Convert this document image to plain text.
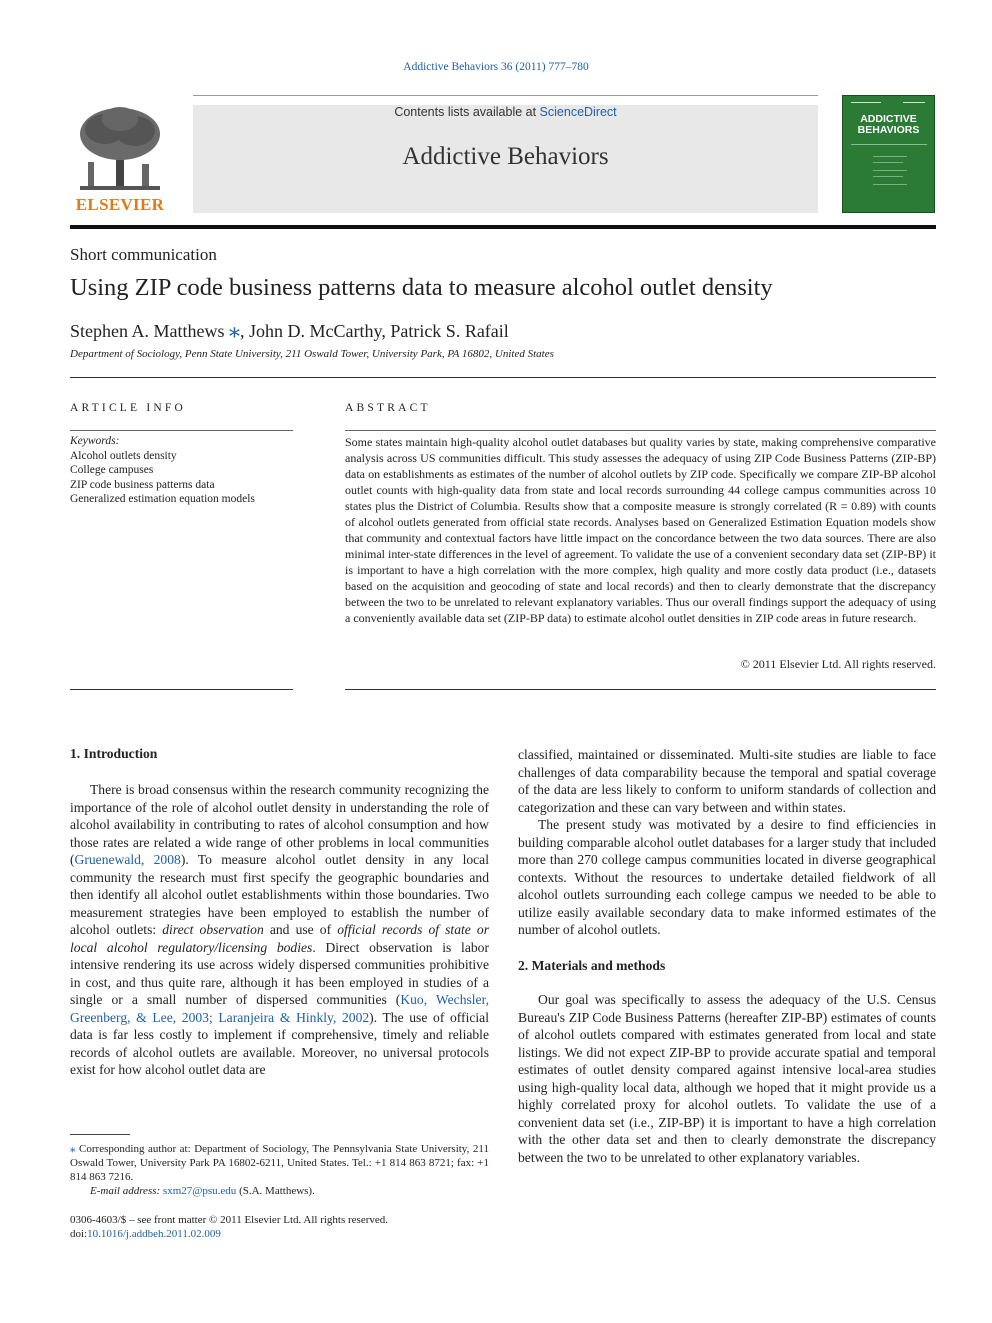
Addictive Behaviors 36 (2011) 777–780
ELSEVIER
Contents lists available at ScienceDirect
Addictive Behaviors
ADDICTIVE
BEHAVIORS
Short communication
Using ZIP code business patterns data to measure alcohol outlet density
Stephen A. Matthews ⁎, John D. McCarthy, Patrick S. Rafail
Department of Sociology, Penn State University, 211 Oswald Tower, University Park, PA 16802, United States
ARTICLE INFO
Keywords:
Alcohol outlets density
College campuses
ZIP code business patterns data
Generalized estimation equation models
ABSTRACT
Some states maintain high-quality alcohol outlet databases but quality varies by state, making comprehensive comparative analysis across US communities difficult. This study assesses the adequacy of using ZIP Code Business Patterns (ZIP-BP) data on establishments as estimates of the number of alcohol outlets by ZIP code. Specifically we compare ZIP-BP alcohol outlet counts with high-quality data from state and local records surrounding 44 college campus communities across 10 states plus the District of Columbia. Results show that a composite measure is strongly correlated (R = 0.89) with counts of alcohol outlets generated from official state records. Analyses based on Generalized Estimation Equation models show that community and contextual factors have little impact on the concordance between the two data sources. There are also minimal inter-state differences in the level of agreement. To validate the use of a convenient secondary data set (ZIP-BP) it is important to have a high correlation with the more complex, high quality and more costly data product (i.e., datasets based on the acquisition and geocoding of state and local records) and then to clearly demonstrate that the discrepancy between the two to be unrelated to relevant explanatory variables. Thus our overall findings support the adequacy of using a conveniently available data set (ZIP-BP data) to estimate alcohol outlet densities in ZIP code areas in future research.
© 2011 Elsevier Ltd. All rights reserved.
1. Introduction

There is broad consensus within the research community recognizing the importance of the role of alcohol outlet density in understanding the role of alcohol availability in contributing to rates of alcohol consumption and how those rates are related a wide range of other problems in local communities (Gruenewald, 2008). To measure alcohol outlet density in any local community the research must first specify the geographic boundaries and then identify all alcohol outlet establishments within those boundaries. Two measurement strategies have been employed to establish the number of alcohol outlets: direct observation and use of official records of state or local alcohol regulatory/licensing bodies. Direct observation is labor intensive rendering its use across widely dispersed communities prohibitive in cost, and thus quite rare, although it has been employed in studies of a single or a small number of dispersed communities (Kuo, Wechsler, Greenberg, & Lee, 2003; Laranjeira & Hinkly, 2002). The use of official data is far less costly to implement if comprehensive, timely and reliable records of alcohol outlets are available. Moreover, no universal protocols exist for how alcohol outlet data are

classified, maintained or disseminated. Multi-site studies are liable to face challenges of data comparability because the temporal and spatial coverage of the data are less likely to conform to uniform standards of collection and categorization and these can vary between and within states.

The present study was motivated by a desire to find efficiencies in building comparable alcohol outlet databases for a larger study that included more than 270 college campus communities located in diverse geographical contexts. Without the resources to undertake detailed fieldwork of all alcohol outlets surrounding each college campus we needed to be able to utilize easily available secondary data to make informed estimates of the number of alcohol outlets.

2. Materials and methods

Our goal was specifically to assess the adequacy of the U.S. Census Bureau's ZIP Code Business Patterns (hereafter ZIP-BP) estimates of counts of alcohol outlets compared with estimates generated from local and state listings. We did not expect ZIP-BP to provide accurate spatial and temporal estimates of outlet density compared against intensive local-area studies using high-quality local data, although we hoped that it might provide us a highly correlated proxy for alcohol outlets. To validate the use of a convenient data set (i.e., ZIP-BP) it is important to have a high correlation with the other data set and then to clearly demonstrate the discrepancy between the two to be unrelated to other explanatory variables.

⁎ Corresponding author at: Department of Sociology, The Pennsylvania State University, 211 Oswald Tower, University Park PA 16802-6211, United States. Tel.: +1 814 863 8721; fax: +1 814 863 7216.
E-mail address: sxm27@psu.edu (S.A. Matthews).
0306-4603/$ – see front matter © 2011 Elsevier Ltd. All rights reserved.
doi:10.1016/j.addbeh.2011.02.009
